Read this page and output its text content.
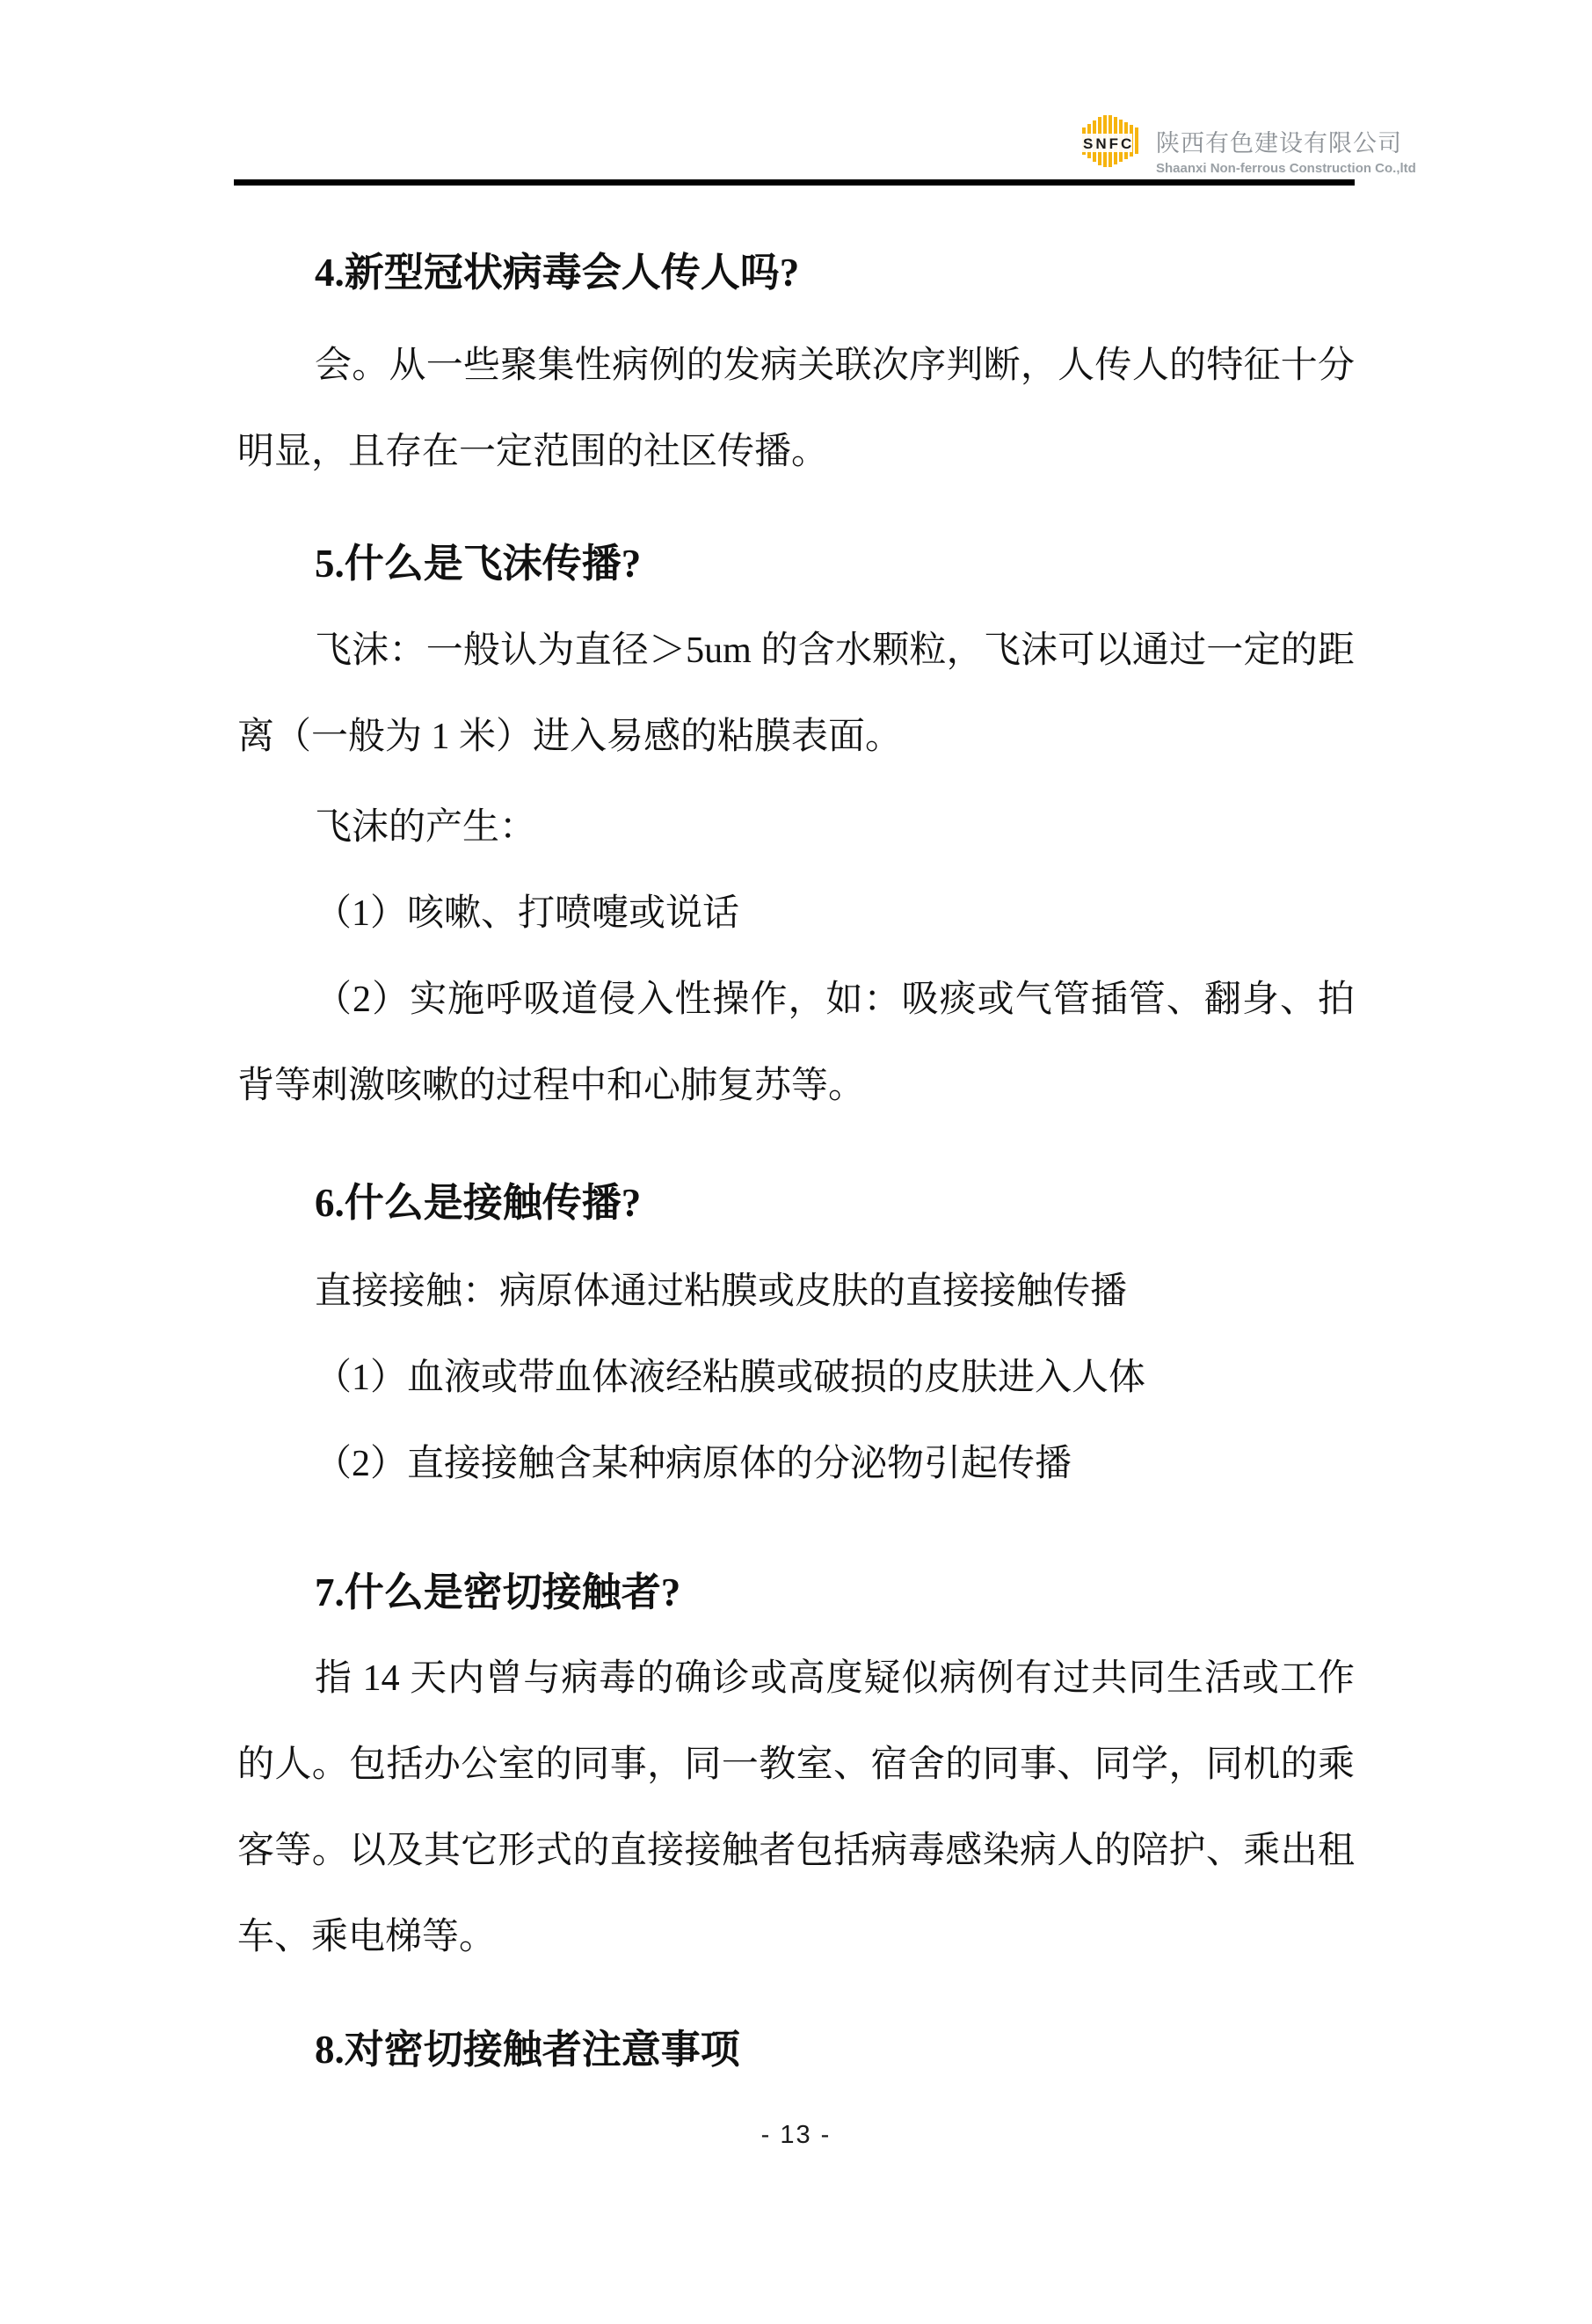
SNFC 陕西有色建设有限公司
Shaanxi Non-ferrous Construction Co.,ltd
4.新型冠状病毒会人传人吗?
会。从一些聚集性病例的发病关联次序判断，人传人的特征十分明显，且存在一定范围的社区传播。
5.什么是飞沫传播?
飞沫：一般认为直径＞5um 的含水颗粒，飞沫可以通过一定的距离（一般为 1 米）进入易感的粘膜表面。
飞沫的产生：
（1）咳嗽、打喷嚏或说话
（2）实施呼吸道侵入性操作，如：吸痰或气管插管、翻身、拍背等刺激咳嗽的过程中和心肺复苏等。
6.什么是接触传播?
直接接触：病原体通过粘膜或皮肤的直接接触传播
（1）血液或带血体液经粘膜或破损的皮肤进入人体
（2）直接接触含某种病原体的分泌物引起传播
7.什么是密切接触者?
指 14 天内曾与病毒的确诊或高度疑似病例有过共同生活或工作的人。包括办公室的同事，同一教室、宿舍的同事、同学，同机的乘客等。以及其它形式的直接接触者包括病毒感染病人的陪护、乘出租车、乘电梯等。
8.对密切接触者注意事项
- 13 -
